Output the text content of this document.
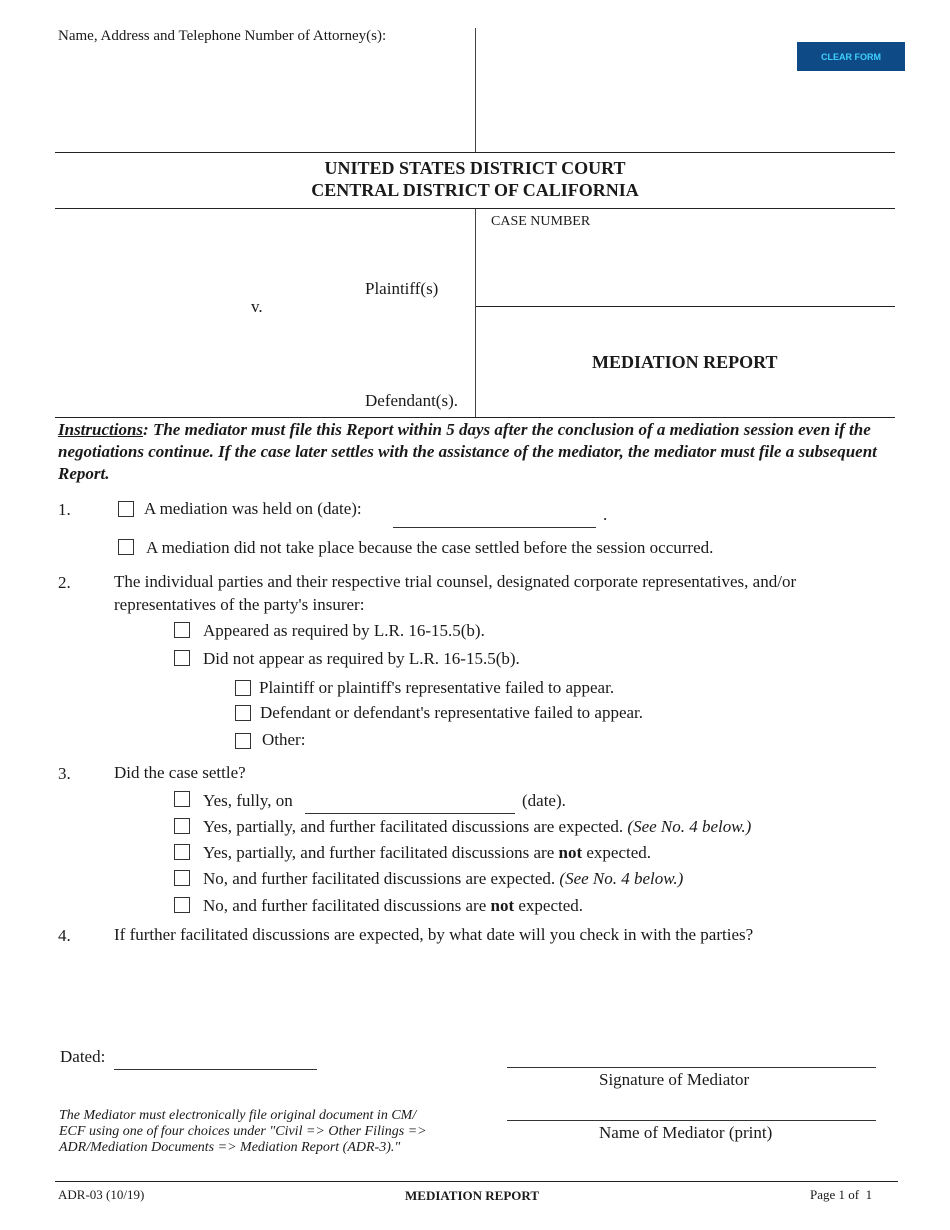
Name, Address and Telephone Number of Attorney(s):
CLEAR FORM
UNITED STATES DISTRICT COURT
CENTRAL DISTRICT OF CALIFORNIA
CASE NUMBER
Plaintiff(s)
v.
Defendant(s).
MEDIATION REPORT
Instructions: The mediator must file this Report within 5 days after the conclusion of a mediation session even if the negotiations continue. If the case later settles with the assistance of the mediator, the mediator must file a subsequent Report.
1.	A mediation was held on (date):	.
A mediation did not take place because the case settled before the session occurred.
2.	The individual parties and their respective trial counsel, designated corporate representatives, and/or
representatives of the party's insurer:
Appeared as required by L.R. 16-15.5(b).
Did not appear as required by L.R. 16-15.5(b).
Plaintiff or plaintiff's representative failed to appear.
Defendant or defendant's representative failed to appear.
Other:
3.	Did the case settle?
Yes, fully, on	(date).
Yes, partially, and further facilitated discussions are expected. (See No. 4 below.)
Yes, partially, and further facilitated discussions are not expected.
No, and further facilitated discussions are expected. (See No. 4 below.)
No, and further facilitated discussions are not expected.
4.	If further facilitated discussions are expected, by what date will you check in with the parties?
Dated:
Signature of Mediator
Name of Mediator (print)
The Mediator must electronically file original document in CM/
ECF using one of four choices under "Civil => Other Filings =>
ADR/Mediation Documents => Mediation Report (ADR-3)."
ADR-03 (10/19)	MEDIATION REPORT	Page 1 of  1
